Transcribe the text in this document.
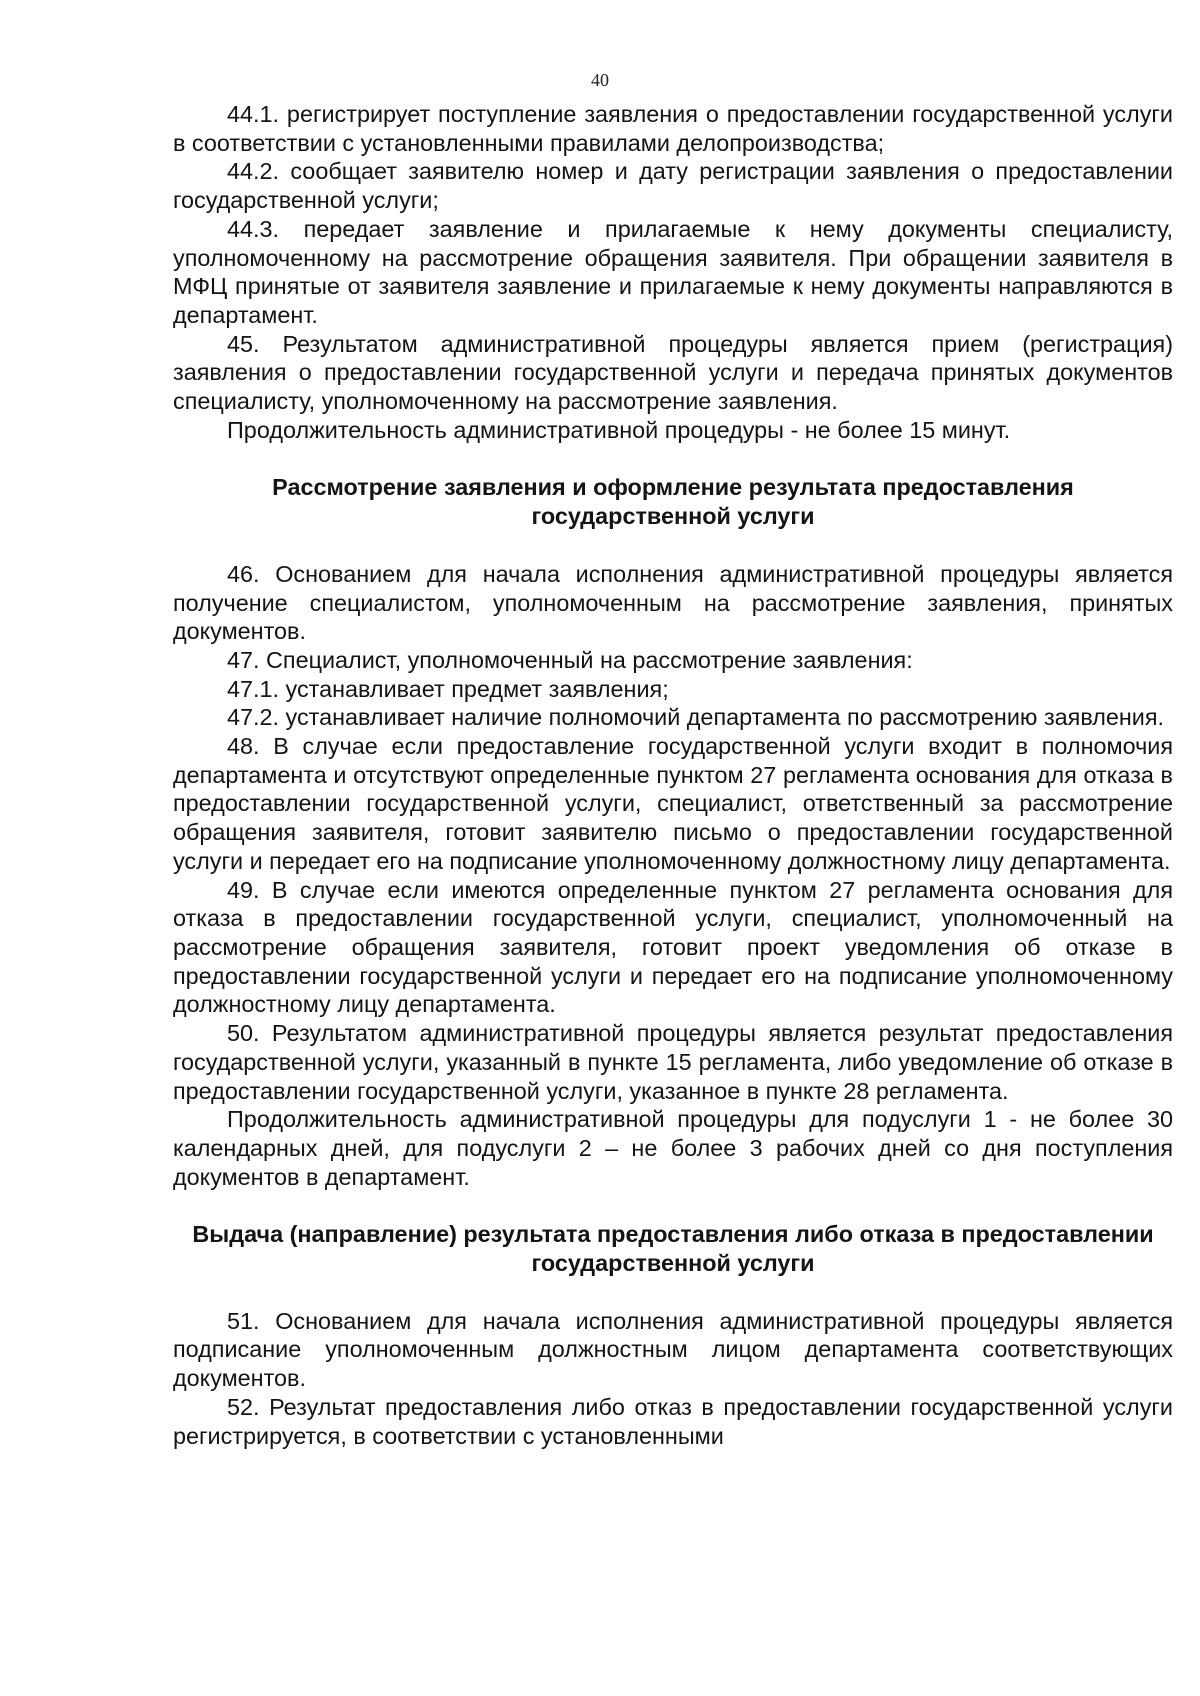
40

44.1. регистрирует поступление заявления о предоставлении государственной услуги в соответствии с установленными правилами делопроизводства;

44.2. сообщает заявителю номер и дату регистрации заявления о предоставлении государственной услуги;

44.3. передает заявление и прилагаемые к нему документы специалисту, уполномоченному на рассмотрение обращения заявителя. При обращении заявителя в МФЦ принятые от заявителя заявление и прилагаемые к нему документы направляются в департамент.

45. Результатом административной процедуры является прием (регистрация) заявления о предоставлении государственной услуги и передача принятых документов специалисту, уполномоченному на рассмотрение заявления.

Продолжительность административной процедуры - не более 15 минут.

Рассмотрение заявления и оформление результата предоставления государственной услуги

46. Основанием для начала исполнения административной процедуры является получение специалистом, уполномоченным на рассмотрение заявления, принятых документов.

47. Специалист, уполномоченный на рассмотрение заявления:

47.1. устанавливает предмет заявления;

47.2. устанавливает наличие полномочий департамента по рассмотрению заявления.

48. В случае если предоставление государственной услуги входит в полномочия департамента и отсутствуют определенные пунктом 27 регламента основания для отказа в предоставлении государственной услуги, специалист, ответственный за рассмотрение обращения заявителя, готовит заявителю письмо о предоставлении государственной услуги и передает его на подписание уполномоченному должностному лицу департамента.

49. В случае если имеются определенные пунктом 27 регламента основания для отказа в предоставлении государственной услуги, специалист, уполномоченный на рассмотрение обращения заявителя, готовит проект уведомления об отказе в предоставлении государственной услуги и передает его на подписание уполномоченному должностному лицу департамента.

50. Результатом административной процедуры является результат предоставления государственной услуги, указанный в пункте 15 регламента, либо уведомление об отказе в предоставлении государственной услуги, указанное в пункте 28 регламента.

Продолжительность административной процедуры для подуслуги 1 - не более 30 календарных дней, для подуслуги 2 – не более 3 рабочих дней со дня поступления документов в департамент.

Выдача (направление) результата предоставления либо отказа в предоставлении государственной услуги

51. Основанием для начала исполнения административной процедуры является подписание уполномоченным должностным лицом департамента соответствующих документов.

52. Результат предоставления либо отказ в предоставлении государственной услуги регистрируется, в соответствии с установленными
